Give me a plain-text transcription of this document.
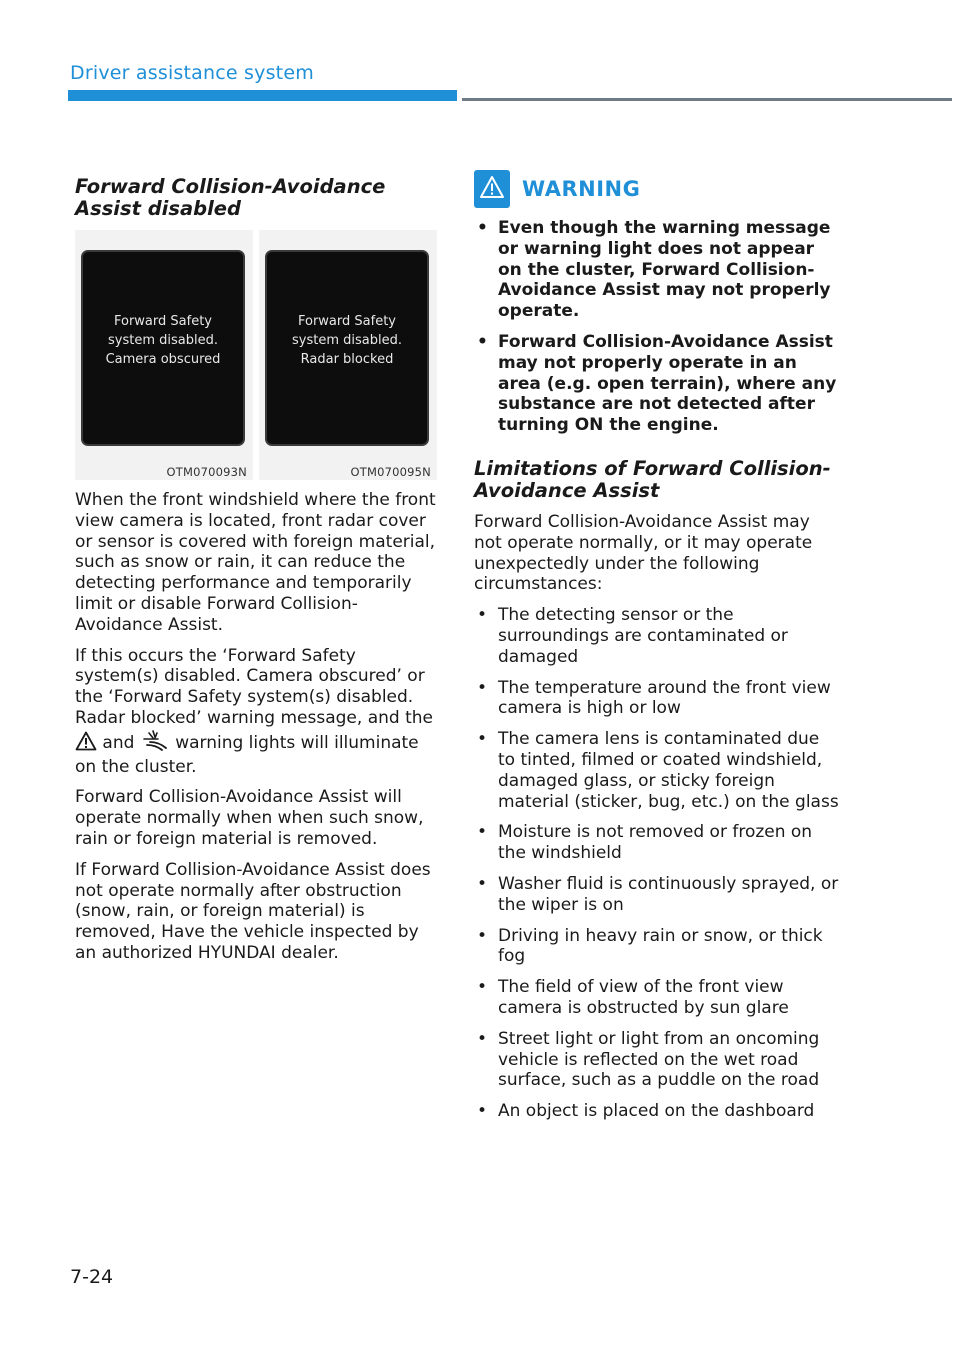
Driver assistance system
Forward Collision-Avoidance Assist disabled
Forward Safety
system disabled.
Camera obscured
OTM070093N
Forward Safety
system disabled.
Radar blocked
OTM070095N

When the front windshield where the front view camera is located, front radar cover or sensor is covered with foreign material, such as snow or rain, it can reduce the detecting performance and temporarily limit or disable Forward Collision-Avoidance Assist.

If this occurs the ‘Forward Safety system(s) disabled. Camera obscured’ or the ‘Forward Safety system(s) disabled. Radar blocked’ warning message, and the  and warning lights will illuminate on the cluster.

Forward Collision-Avoidance Assist will operate normally when when such snow, rain or foreign material is removed.

If Forward Collision-Avoidance Assist does not operate normally after obstruction (snow, rain, or foreign material) is removed, Have the vehicle inspected by an authorized HYUNDAI dealer.

WARNING
• Even though the warning message or warning light does not appear on the cluster, Forward Collision-Avoidance Assist may not properly operate.
• Forward Collision-Avoidance Assist may not properly operate in an area (e.g. open terrain), where any substance are not detected after turning ON the engine.
Limitations of Forward Collision-Avoidance Assist

Forward Collision-Avoidance Assist may not operate normally, or it may operate unexpectedly under the following circumstances:

• The detecting sensor or the surroundings are contaminated or damaged
• The temperature around the front view camera is high or low
• The camera lens is contaminated due to tinted, filmed or coated windshield, damaged glass, or sticky foreign material (sticker, bug, etc.) on the glass
• Moisture is not removed or frozen on the windshield
• Washer fluid is continuously sprayed, or the wiper is on
• Driving in heavy rain or snow, or thick fog
• The field of view of the front view camera is obstructed by sun glare
• Street light or light from an oncoming vehicle is reflected on the wet road surface, such as a puddle on the road
• An object is placed on the dashboard
7-24
